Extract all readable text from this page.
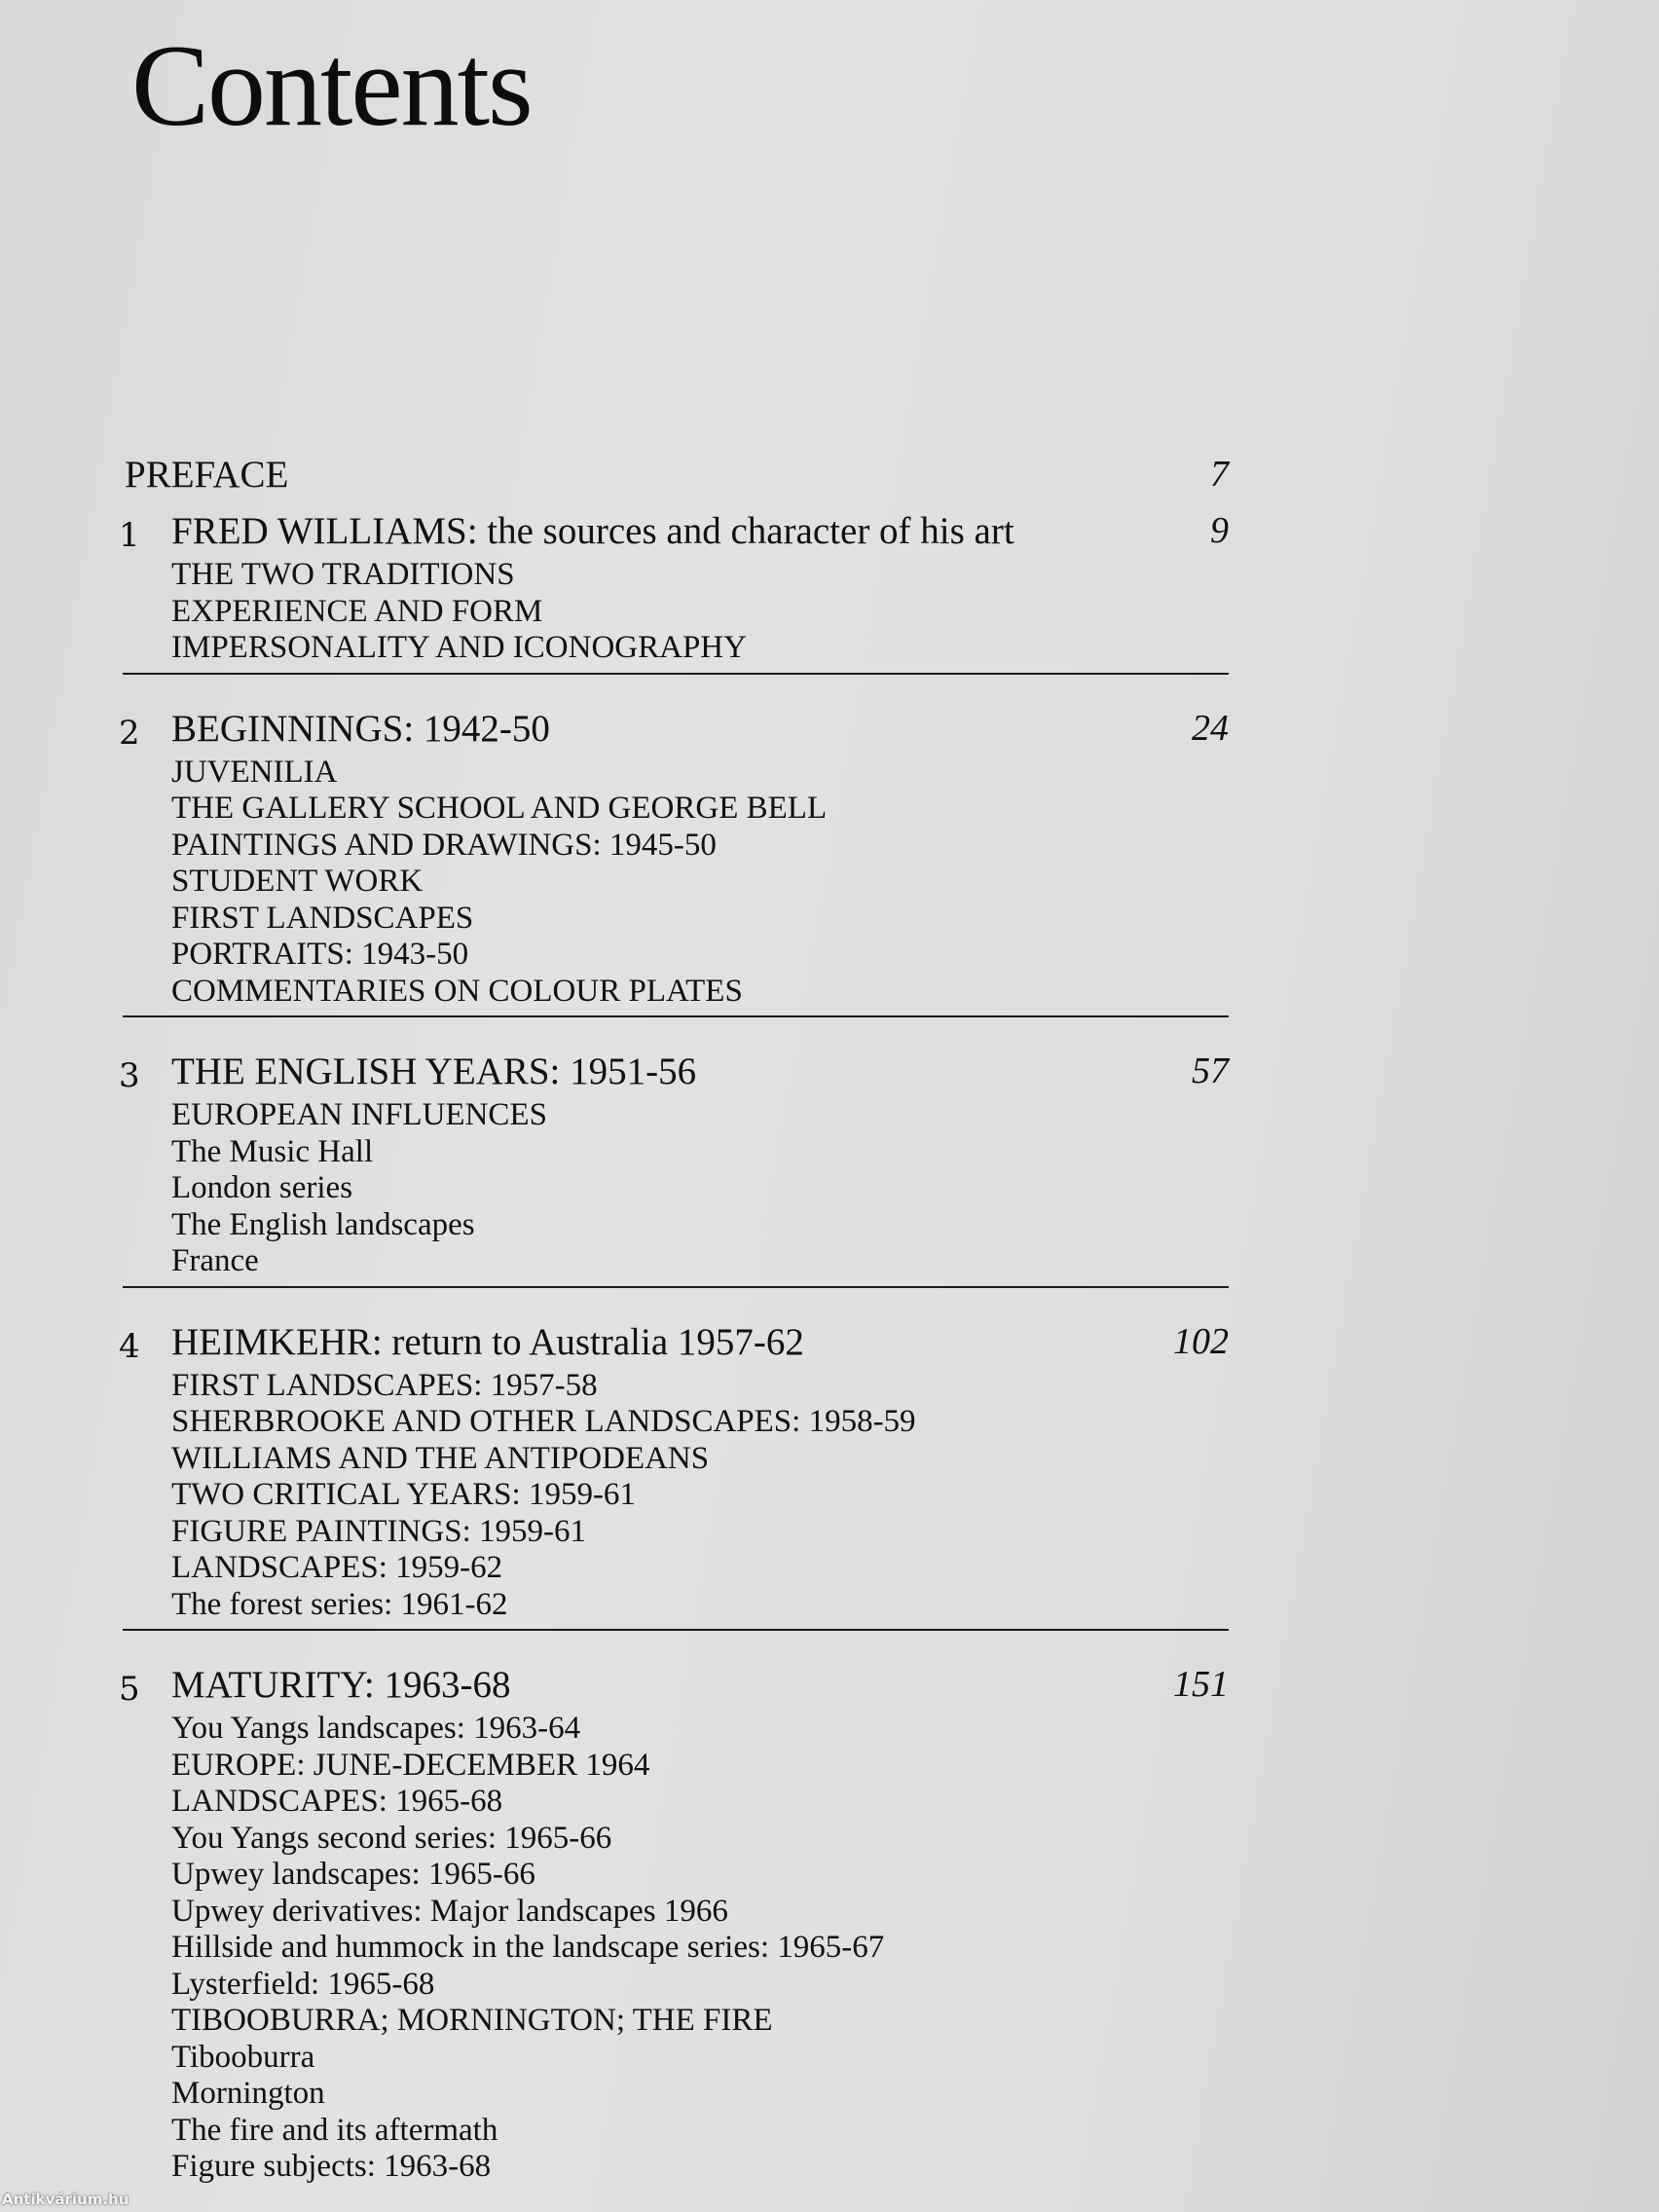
Contents
PREFACE	7
1 FRED WILLIAMS: the sources and character of his art	9
THE TWO TRADITIONS
EXPERIENCE AND FORM
IMPERSONALITY AND ICONOGRAPHY
2 BEGINNINGS: 1942-50	24
JUVENILIA
THE GALLERY SCHOOL AND GEORGE BELL
PAINTINGS AND DRAWINGS: 1945-50
STUDENT WORK
FIRST LANDSCAPES
PORTRAITS: 1943-50
COMMENTARIES ON COLOUR PLATES
3 THE ENGLISH YEARS: 1951-56	57
EUROPEAN INFLUENCES
The Music Hall
London series
The English landscapes
France
4 HEIMKEHR: return to Australia 1957-62	102
FIRST LANDSCAPES: 1957-58
SHERBROOKE AND OTHER LANDSCAPES: 1958-59
WILLIAMS AND THE ANTIPODEANS
TWO CRITICAL YEARS: 1959-61
FIGURE PAINTINGS: 1959-61
LANDSCAPES: 1959-62
The forest series: 1961-62
5 MATURITY: 1963-68	151
You Yangs landscapes: 1963-64
EUROPE: JUNE-DECEMBER 1964
LANDSCAPES: 1965-68
You Yangs second series: 1965-66
Upwey landscapes: 1965-66
Upwey derivatives: Major landscapes 1966
Hillside and hummock in the landscape series: 1965-67
Lysterfield: 1965-68
TIBOOBURRA; MORNINGTON; THE FIRE
Tibooburra
Mornington
The fire and its aftermath
Figure subjects: 1963-68
Antikvárium.hu
